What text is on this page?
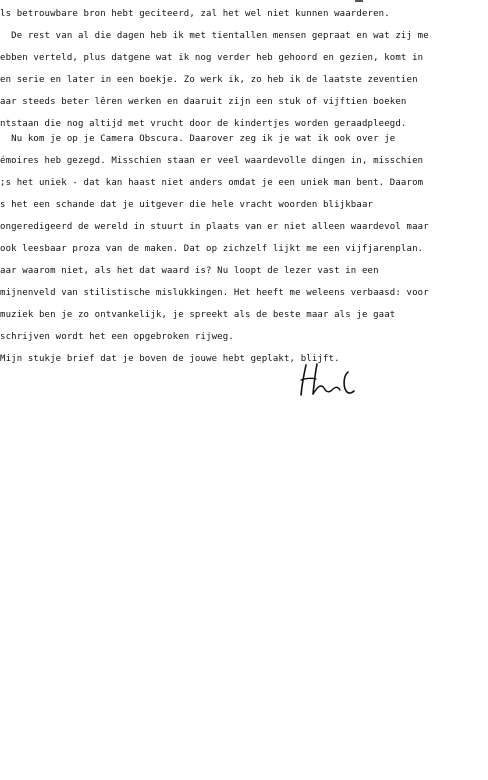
ls betrouwbare bron hebt geciteerd, zal het wel niet kunnen waarderen.
De rest van al die dagen heb ik met tientallen mensen gepraat en wat zij me
ebben verteld, plus datgene wat ik nog verder heb gehoord en gezien, komt in
en serie en later in een boekje. Zo werk ik, zo heb ik de laatste zeventien
aar steeds beter lêren werken en daaruit zijn een stuk of vijftien boeken
ntstaan die nog altijd met vrucht door de kindertjes worden geraadpleegd.
Nu kom je op je Camera Obscura. Daarover zeg ik je wat ik ook over je
émoires heb gezegd. Misschien staan er veel waardevolle dingen in, misschien
;s het uniek - dat kan haast niet anders omdat je een uniek man bent. Daarom
s het een schande dat je uitgever die hele vracht woorden blijkbaar
ongeredigeerd de wereld in stuurt in plaats van er niet alleen waardevol maar
ook leesbaar proza van de maken. Dat op zichzelf lijkt me een vijfjarenplan.
aar waarom niet, als het dat waard is? Nu loopt de lezer vast in een
mijnenveld van stilistische mislukkingen. Het heeft me weleens verbaasd: voor
muziek ben je zo ontvankelijk, je spreekt als de beste maar als je gaat
schrijven wordt het een opgebroken rijweg.
Mijn stukje brief dat je boven de jouwe hebt geplakt, blijft.
